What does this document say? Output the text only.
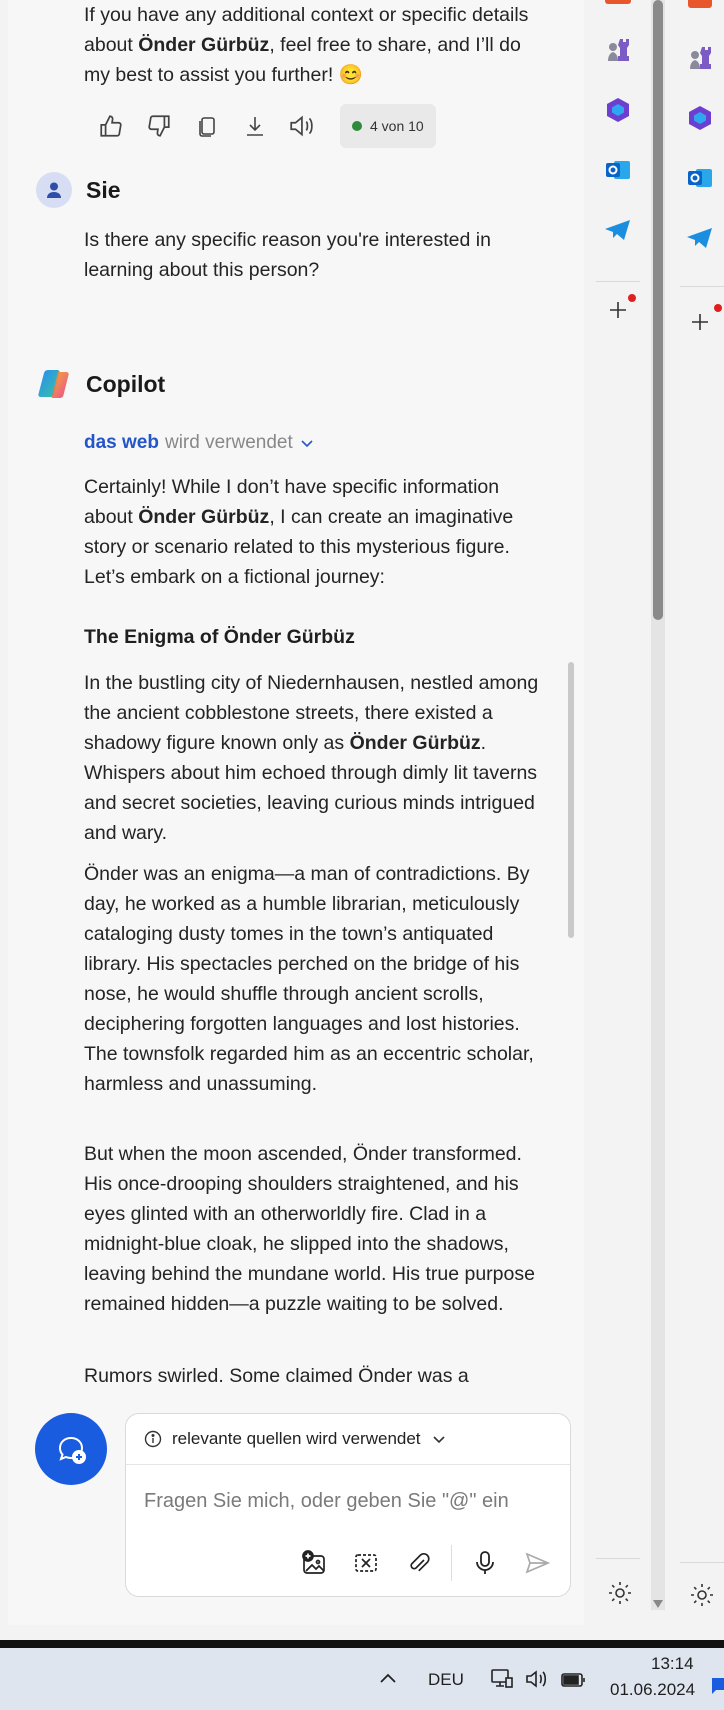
If you have any additional context or specific details about Önder Gürbüz, feel free to share, and I’ll do my best to assist you further! 😊

4 von 10
Sie

Is there any specific reason you're interested in learning about this person?

Copilot
das web wird verwendet

Certainly! While I don’t have specific information about Önder Gürbüz, I can create an imaginative story or scenario related to this mysterious figure. Let’s embark on a fictional journey:

The Enigma of Önder Gürbüz

In the bustling city of Niedernhausen, nestled among the ancient cobblestone streets, there existed a shadowy figure known only as Önder Gürbüz. Whispers about him echoed through dimly lit taverns and secret societies, leaving curious minds intrigued and wary.

Önder was an enigma—a man of contradictions. By day, he worked as a humble librarian, meticulously cataloging dusty tomes in the town’s antiquated library. His spectacles perched on the bridge of his nose, he would shuffle through ancient scrolls, deciphering forgotten languages and lost histories. The townsfolk regarded him as an eccentric scholar, harmless and unassuming.

But when the moon ascended, Önder transformed. His once-drooping shoulders straightened, and his eyes glinted with an otherworldly fire. Clad in a midnight-blue cloak, he slipped into the shadows, leaving behind the mundane world. His true purpose remained hidden—a puzzle waiting to be solved.

Rumors swirled. Some claimed Önder was a

relevante quellen wird verwendet
Fragen Sie mich, oder geben Sie "@" ein
DEU
13:14
01.06.2024
